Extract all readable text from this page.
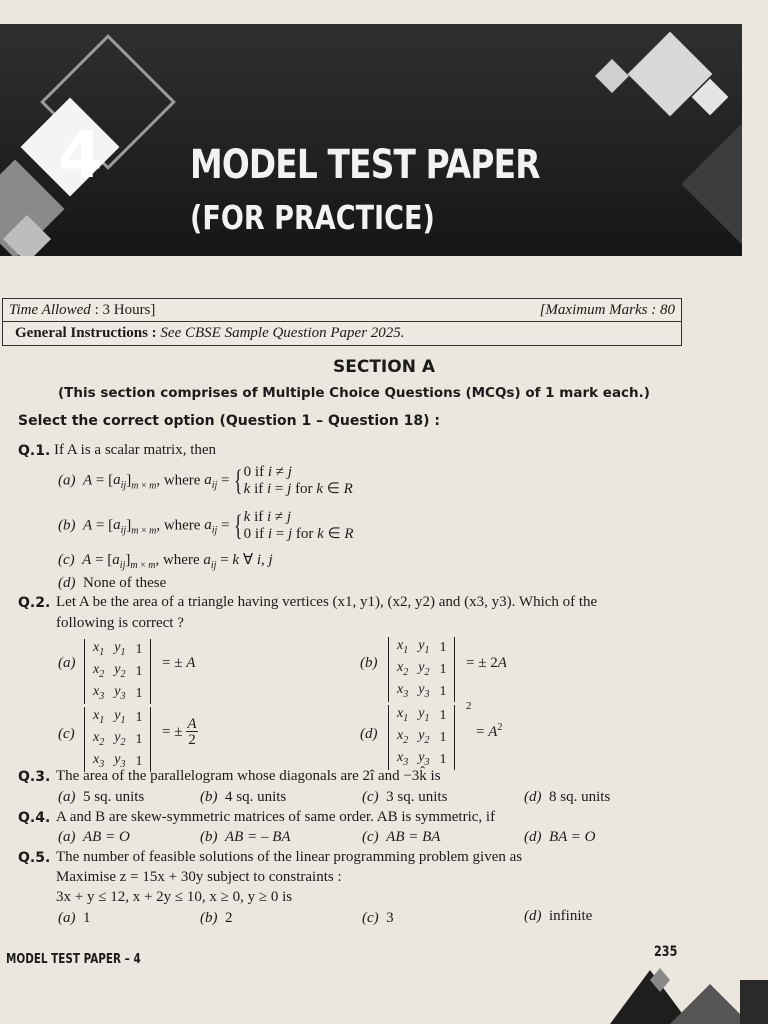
4	MODEL TEST PAPER
(FOR PRACTICE)
Time Allowed : 3 Hours]	[Maximum Marks : 80
General Instructions : See CBSE Sample Question Paper 2025.
SECTION A
(This section comprises of Multiple Choice Questions (MCQs) of 1 mark each.)
Select the correct option (Question 1 – Question 18) :
Q.1. If A is a scalar matrix, then
(a) $A = [a_{ij}]_{m \times m}$, where $a_{ij} = \{0$ if i ≠ j
k if i = j for k ∈ R
(b) $A = [a_{ij}]_{m \times m}$, where $a_{ij} = \{k$ if i ≠ j
0 if i = j for k ∈ R
(c) $A = [a_{ij}]_{m \times m}$, where $a_{ij} = k$ ∀ i, j
(d) None of these
Q.2. Let A be the area of a triangle having vertices (x1, y1), (x2, y2) and (x3, y3). Which of the
following is correct ?
(a)
$x_1$	$y_1$	1
$x_2$	$y_2$	1
$x_3$	$y_3$	1
= ± A	(b)
$x_1$	$y_1$	1
$x_2$	$y_2$	1
$x_3$	$y_3$	1
= ± 2A
(c)
$x_1$	$y_1$	1
$x_2$	$y_2$	1
$x_3$	$y_3$	1
= ± A
2	(d)
$x_1$	$y_1$	1
$x_2$	$y_2$	1
$x_3$	$y_3$	1
2
= $A^2$
Q.3. The area of the parallelogram whose diagonals are 2î and −3k̂ is
(a) 5 sq. units	(b) 4 sq. units	(c) 3 sq. units	(d) 8 sq. units
Q.4. A and B are skew-symmetric matrices of same order. AB is symmetric, if
(a) AB = O	(b) AB = – BA	(c) AB = BA	(d) BA = O
Q.5. The number of feasible solutions of the linear programming problem given as
Maximise z = 15x + 30y subject to constraints :
3x + y ≤ 12, x + 2y ≤ 10, x ≥ 0, y ≥ 0 is
(a) 1	(b) 2	(c) 3	(d) infinite
MODEL TEST PAPER – 4	235
